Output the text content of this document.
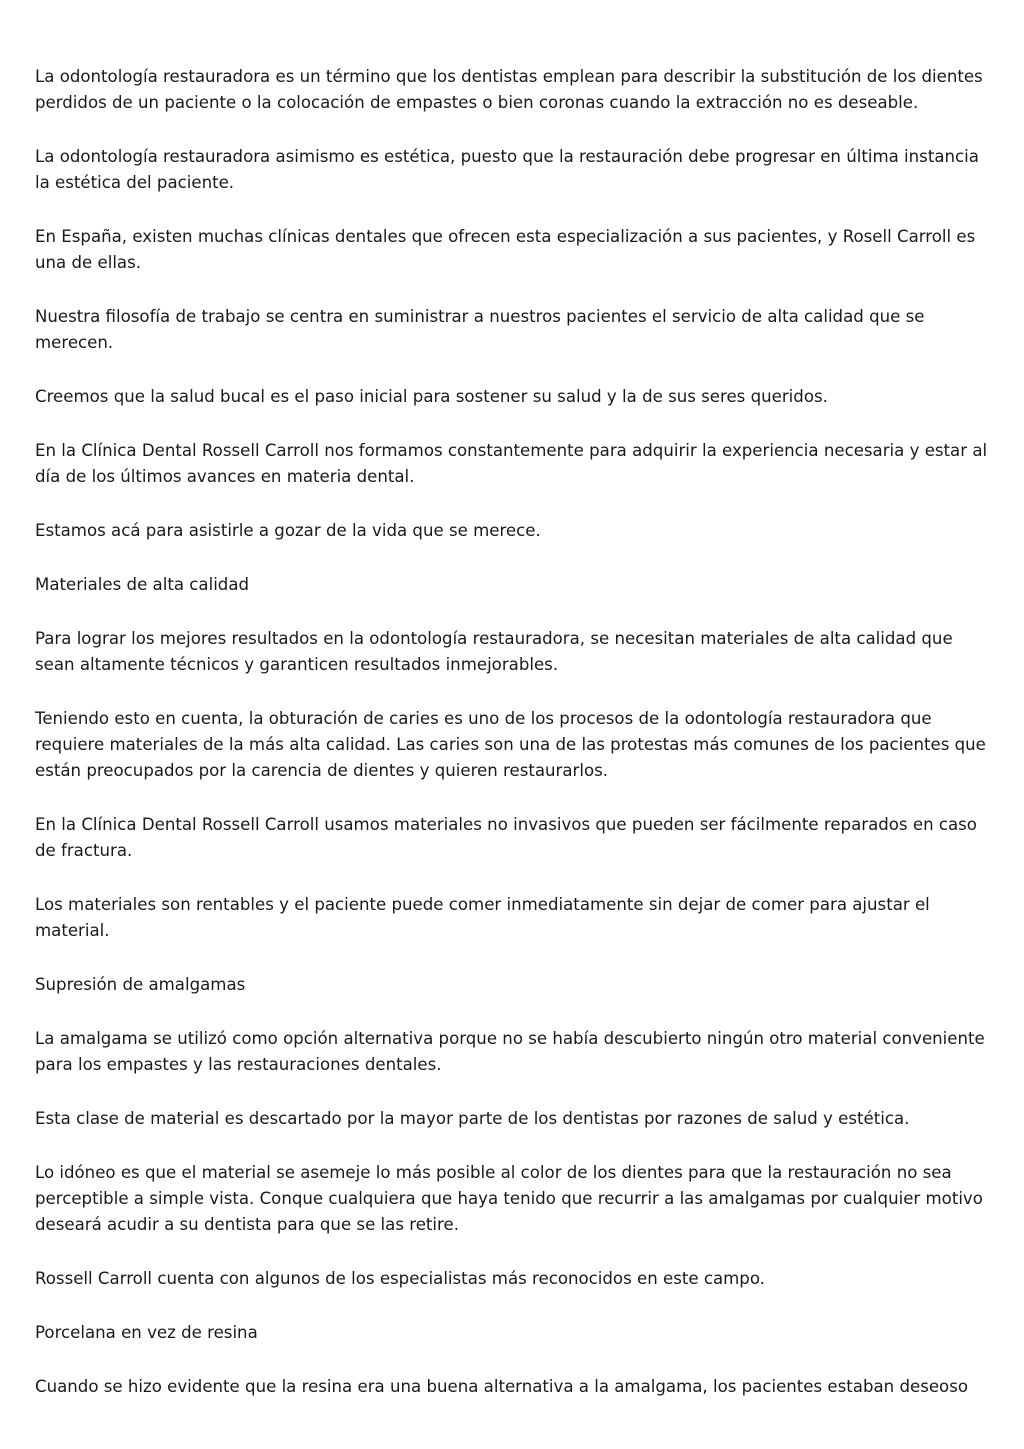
La odontología restauradora es un término que los dentistas emplean para describir la substitución de los dientes perdidos de un paciente o la colocación de empastes o bien coronas cuando la extracción no es deseable.

La odontología restauradora asimismo es estética, puesto que la restauración debe progresar en última instancia la estética del paciente.

En España, existen muchas clínicas dentales que ofrecen esta especialización a sus pacientes, y Rosell Carroll es una de ellas.

Nuestra filosofía de trabajo se centra en suministrar a nuestros pacientes el servicio de alta calidad que se merecen.

Creemos que la salud bucal es el paso inicial para sostener su salud y la de sus seres queridos.

En la Clínica Dental Rossell Carroll nos formamos constantemente para adquirir la experiencia necesaria y estar al día de los últimos avances en materia dental.

Estamos acá para asistirle a gozar de la vida que se merece.

Materiales de alta calidad

Para lograr los mejores resultados en la odontología restauradora, se necesitan materiales de alta calidad que sean altamente técnicos y garanticen resultados inmejorables.

Teniendo esto en cuenta, la obturación de caries es uno de los procesos de la odontología restauradora que requiere materiales de la más alta calidad. Las caries son una de las protestas más comunes de los pacientes que están preocupados por la carencia de dientes y quieren restaurarlos.

En la Clínica Dental Rossell Carroll usamos materiales no invasivos que pueden ser fácilmente reparados en caso de fractura.

Los materiales son rentables y el paciente puede comer inmediatamente sin dejar de comer para ajustar el material.

Supresión de amalgamas

La amalgama se utilizó como opción alternativa porque no se había descubierto ningún otro material conveniente para los empastes y las restauraciones dentales.

Esta clase de material es descartado por la mayor parte de los dentistas por razones de salud y estética.

Lo idóneo es que el material se asemeje lo más posible al color de los dientes para que la restauración no sea perceptible a simple vista. Conque cualquiera que haya tenido que recurrir a las amalgamas por cualquier motivo deseará acudir a su dentista para que se las retire.

Rossell Carroll cuenta con algunos de los especialistas más reconocidos en este campo.

Porcelana en vez de resina

Cuando se hizo evidente que la resina era una buena alternativa a la amalgama, los pacientes estaban deseoso
